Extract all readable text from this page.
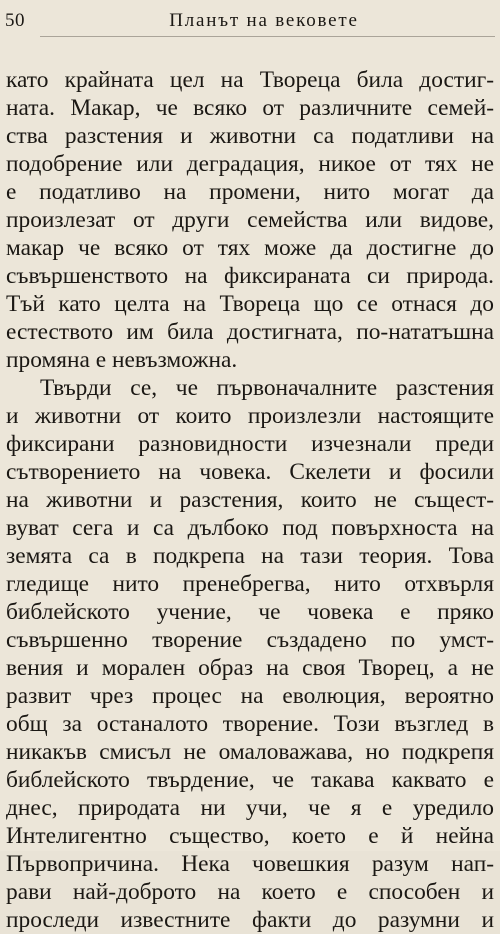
50	Планът на вековете
като крайната цел на Твореца била достиг-
ната. Макар, че всяко от различните семей-
ства разстения и животни са податливи на
подобрение или деградация, никое от тях не
е податливо на промени, нито могат да
произлезат от други семейства или видове,
макар че всяко от тях може да достигне до
съвършенството на фиксираната си природа.
Тъй като целта на Твореца що се отнася до
естеството им била достигната, по-нататъшна
промяна е невъзможна.
Твърди се, че първоначалните разстения
и животни от които произлезли настоящите
фиксирани разновидности изчезнали преди
сътворението на човека. Скелети и фосили
на животни и разстения, които не същест-
вуват сега и са дълбоко под повърхноста на
земята са в подкрепа на тази теория. Това
гледище нито пренебрегва, нито отхвърля
библейското учение, че човека е пряко
съвършенно творение създадено по умст-
вения и морален образ на своя Творец, а не
развит чрез процес на еволюция, вероятно
общ за останалото творение. Този възглед в
никакъв смисъл не омаловажава, но подкрепя
библейското твърдение, че такава каквато е
днес, природата ни учи, че я е уредило
Интелигентно същество, което е й нейна
Първопричина. Нека човешкия разум нап-
рави най-доброто на което е способен и
проследи известните факти до разумни и
